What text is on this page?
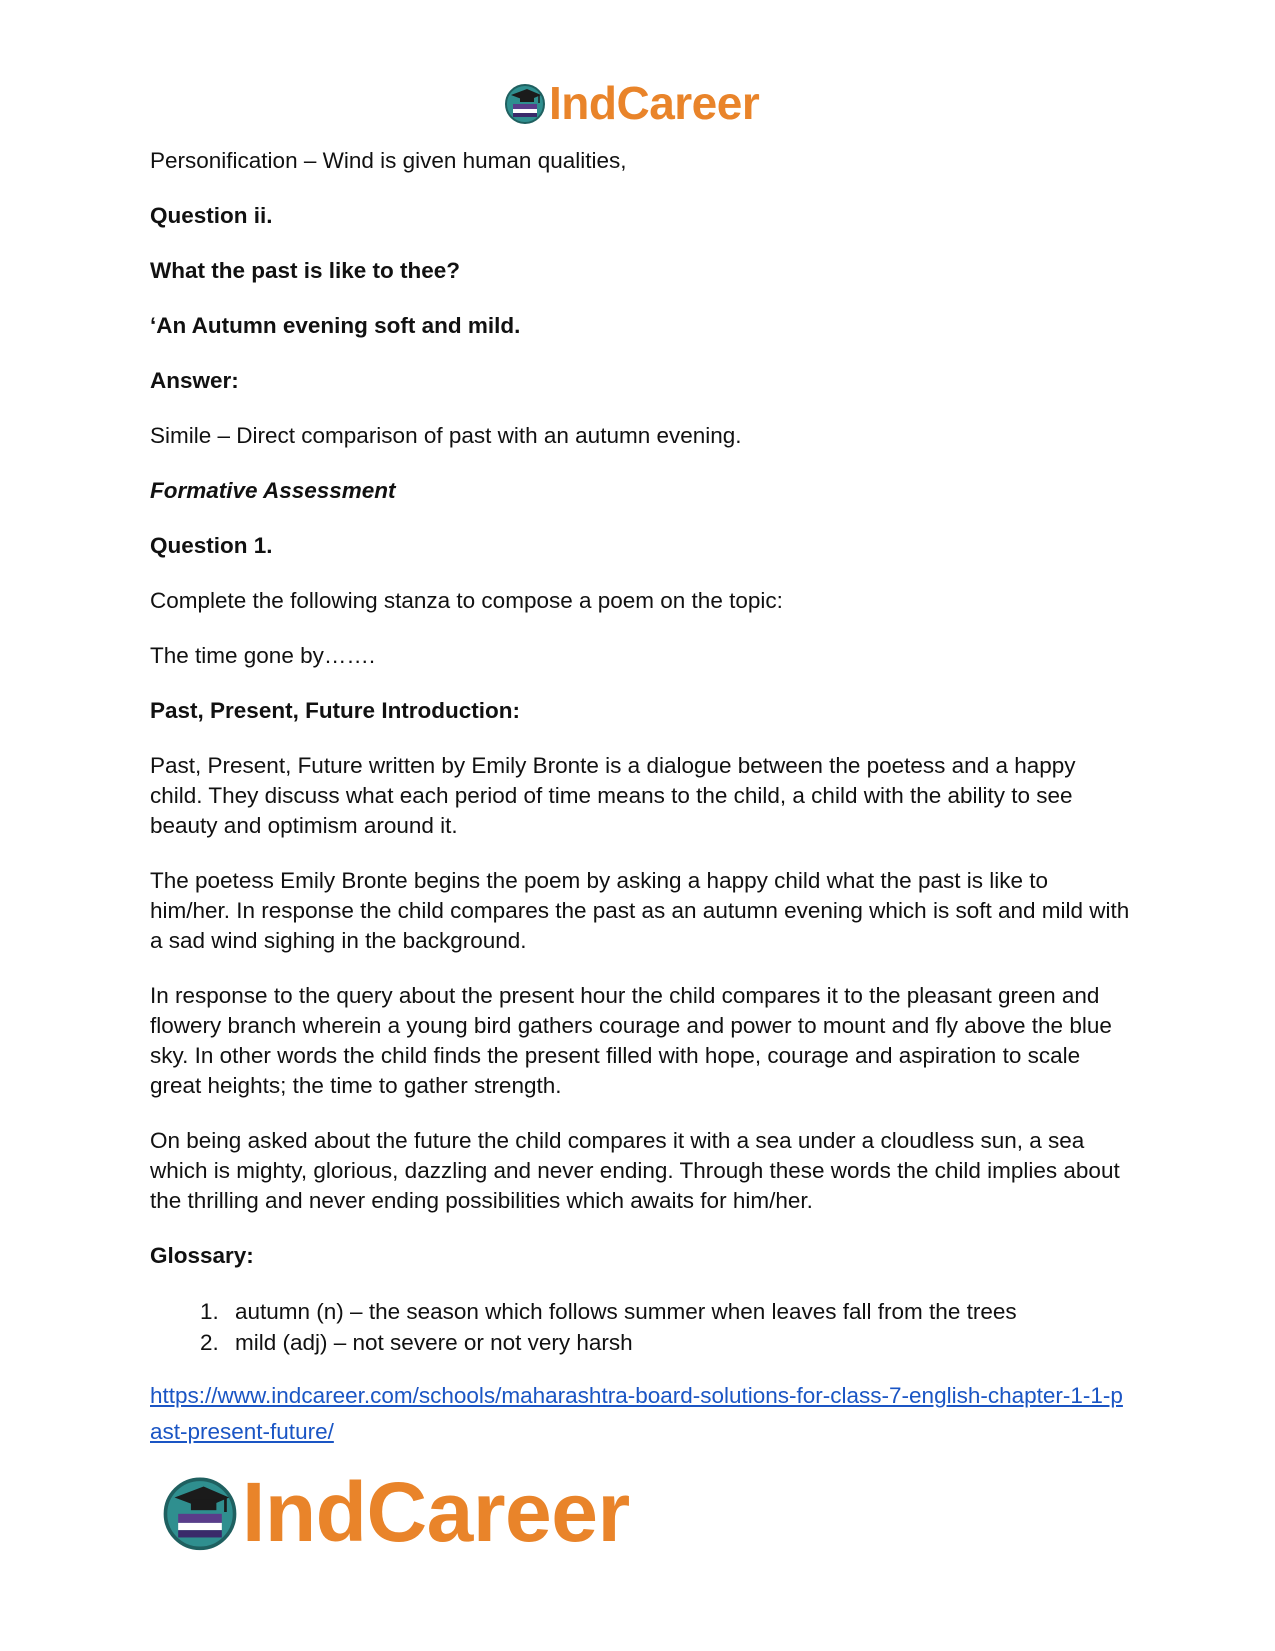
IndCareer

Personification – Wind is given human qualities,

Question ii.

What the past is like to thee?

‘An Autumn evening soft and mild.

Answer:

Simile – Direct comparison of past with an autumn evening.

Formative Assessment

Question 1.

Complete the following stanza to compose a poem on the topic:

The time gone by…….

Past, Present, Future Introduction:

Past, Present, Future written by Emily Bronte is a dialogue between the poetess and a happy child. They discuss what each period of time means to the child, a child with the ability to see beauty and optimism around it.

The poetess Emily Bronte begins the poem by asking a happy child what the past is like to him/her. In response the child compares the past as an autumn evening which is soft and mild with a sad wind sighing in the background.

In response to the query about the present hour the child compares it to the pleasant green and flowery branch wherein a young bird gathers courage and power to mount and fly above the blue sky. In other words the child finds the present filled with hope, courage and aspiration to scale great heights; the time to gather strength.

On being asked about the future the child compares it with a sea under a cloudless sun, a sea which is mighty, glorious, dazzling and never ending. Through these words the child implies about the thrilling and never ending possibilities which awaits for him/her.

Glossary:

1. autumn (n) – the season which follows summer when leaves fall from the trees
2. mild (adj) – not severe or not very harsh
https://www.indcareer.com/schools/maharashtra-board-solutions-for-class-7-english-chapter-1-1-past-present-future/
IndCareer
